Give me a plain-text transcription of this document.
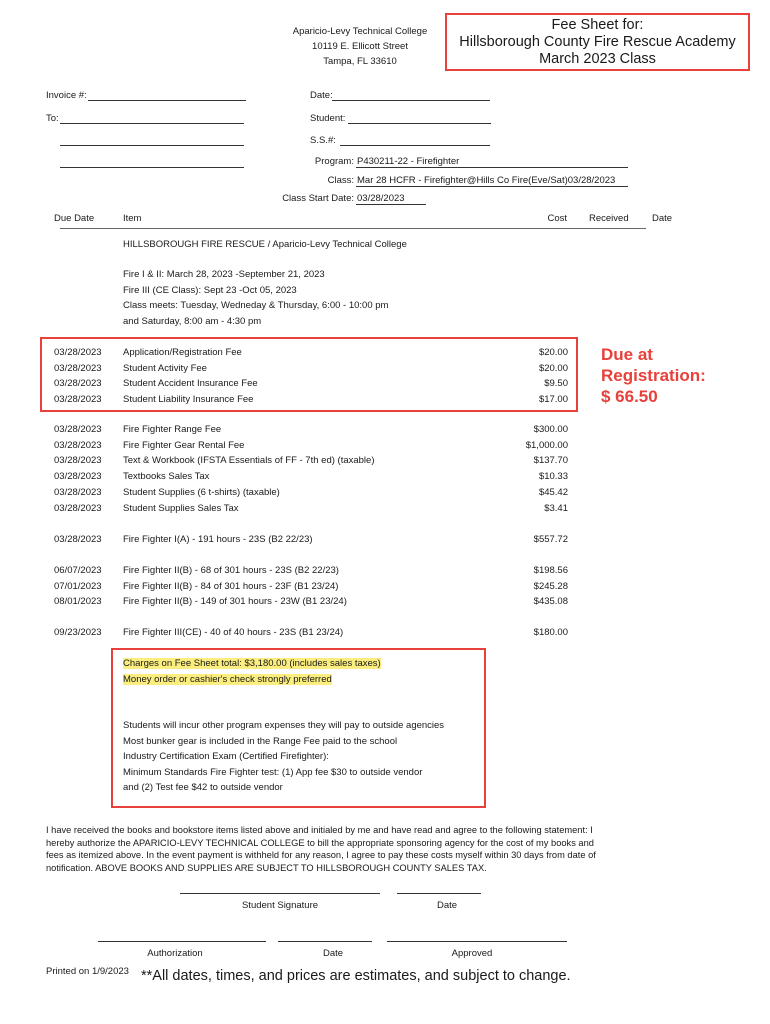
Aparicio-Levy Technical College
10119 E. Ellicott Street
Tampa, FL 33610
Fee Sheet for:
Hillsborough County Fire Rescue Academy
March 2023 Class
Invoice #:
To:
Date:
Student:
S.S.#:
Program: P430211-22 - Firefighter
Class: Mar 28 HCFR - Firefighter@Hills Co Fire(Eve/Sat)03/28/2023
Class Start Date: 03/28/2023
Due Date	Item	Cost Received Date
HILLSBOROUGH FIRE RESCUE / Aparicio-Levy Technical College
Fire I & II: March 28, 2023 -September 21, 2023
Fire III (CE Class): Sept 23 -Oct 05, 2023
Class meets: Tuesday, Wedneday & Thursday, 6:00 - 10:00 pm
and Saturday, 8:00 am - 4:30 pm
03/28/2023 Application/Registration Fee	$20.00
03/28/2023 Student Activity Fee	$20.00
03/28/2023 Student Accident Insurance Fee	$9.50
03/28/2023 Student Liability Insurance Fee	$17.00
03/28/2023 Fire Fighter Range Fee	$300.00
03/28/2023 Fire Fighter Gear Rental Fee	$1,000.00
03/28/2023 Text & Workbook (IFSTA Essentials of FF - 7th ed) (taxable)	$137.70
03/28/2023 Textbooks Sales Tax	$10.33
03/28/2023 Student Supplies (6 t-shirts) (taxable)	$45.42
03/28/2023 Student Supplies Sales Tax	$3.41
03/28/2023 Fire Fighter I(A) - 191 hours - 23S (B2 22/23)	$557.72
06/07/2023 Fire Fighter II(B) - 68 of 301 hours - 23S (B2 22/23)	$198.56
07/01/2023 Fire Fighter II(B) - 84 of 301 hours - 23F (B1 23/24)	$245.28
08/01/2023 Fire Fighter II(B) - 149 of 301 hours - 23W (B1 23/24)	$435.08
09/23/2023 Fire Fighter III(CE) - 40 of 40 hours - 23S (B1 23/24)	$180.00
Due at
Registration:
$ 66.50
Charges on Fee Sheet total: $3,180.00 (includes sales taxes)
Money order or cashier's check strongly preferred
Students will incur other program expenses they will pay to outside agencies
Most bunker gear is included in the Range Fee paid to the school
Industry Certification Exam (Certified Firefighter):
Minimum Standards Fire Fighter test: (1) App fee $30 to outside vendor
and (2) Test fee $42 to outside vendor
I have received the books and bookstore items listed above and initialed by me and have read and agree to the following statement: I
hereby authorize the APARICIO-LEVY TECHNICAL COLLEGE to bill the appropriate sponsoring agency for the cost of my books and
fees as itemized above. In the event payment is withheld for any reason, I agree to pay these costs myself within 30 days from date of
notification. ABOVE BOOKS AND SUPPLIES ARE SUBJECT TO HILLSBOROUGH COUNTY SALES TAX.
Student Signature	Date
Authorization	Date	Approved
Printed on 1/9/2023 **All dates, times, and prices are estimates, and subject to change.
